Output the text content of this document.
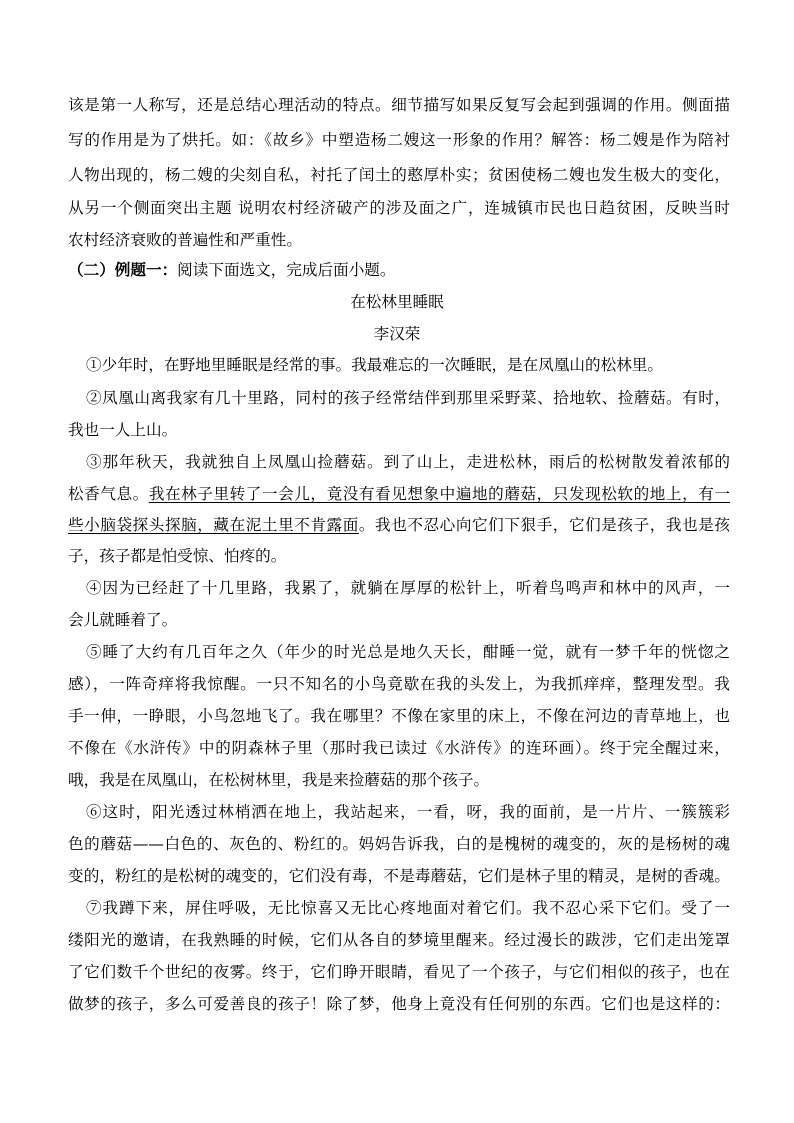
该是第一人称写，还是总结心理活动的特点。细节描写如果反复写会起到强调的作用。侧面描
写的作用是为了烘托。如：《故乡》中塑造杨二嫂这一形象的作用？解答：杨二嫂是作为陪衬
人物出现的，杨二嫂的尖刻自私，衬托了闰土的憨厚朴实；贫困使杨二嫂也发生极大的变化，
从另一个侧面突出主题 说明农村经济破产的涉及面之广，连城镇市民也日趋贫困，反映当时
农村经济衰败的普遍性和严重性。
（二）例题一：阅读下面选文，完成后面小题。
在松林里睡眠
李汉荣
①少年时，在野地里睡眠是经常的事。我最难忘的一次睡眠，是在凤凰山的松林里。
②凤凰山离我家有几十里路，同村的孩子经常结伴到那里采野菜、拾地软、捡蘑菇。有时，
我也一人上山。
③那年秋天，我就独自上凤凰山捡蘑菇。到了山上，走进松林，雨后的松树散发着浓郁的
松香气息。我在林子里转了一会儿，竟没有看见想象中遍地的蘑菇，只发现松软的地上，有一
些小脑袋探头探脑，藏在泥土里不肯露面。我也不忍心向它们下狠手，它们是孩子，我也是孩
子，孩子都是怕受惊、怕疼的。
④因为已经赶了十几里路，我累了，就躺在厚厚的松针上，听着鸟鸣声和林中的风声，一
会儿就睡着了。
⑤睡了大约有几百年之久（年少的时光总是地久天长，酣睡一觉，就有一梦千年的恍惚之
感），一阵奇痒将我惊醒。一只不知名的小鸟竟歇在我的头发上，为我抓痒痒，整理发型。我
手一伸，一睁眼，小鸟忽地飞了。我在哪里？不像在家里的床上，不像在河边的青草地上，也
不像在《水浒传》中的阴森林子里（那时我已读过《水浒传》的连环画）。终于完全醒过来，
哦，我是在凤凰山，在松树林里，我是来捡蘑菇的那个孩子。
⑥这时，阳光透过林梢洒在地上，我站起来，一看，呀，我的面前，是一片片、一簇簇彩
色的蘑菇——白色的、灰色的、粉红的。妈妈告诉我，白的是槐树的魂变的，灰的是杨树的魂
变的，粉红的是松树的魂变的，它们没有毒，不是毒蘑菇，它们是林子里的精灵，是树的香魂。
⑦我蹲下来，屏住呼吸，无比惊喜又无比心疼地面对着它们。我不忍心采下它们。受了一
缕阳光的邀请，在我熟睡的时候，它们从各自的梦境里醒来。经过漫长的跋涉，它们走出笼罩
了它们数千个世纪的夜雾。终于，它们睁开眼睛，看见了一个孩子，与它们相似的孩子，也在
做梦的孩子，多么可爱善良的孩子！除了梦，他身上竟没有任何别的东西。它们也是这样的：
